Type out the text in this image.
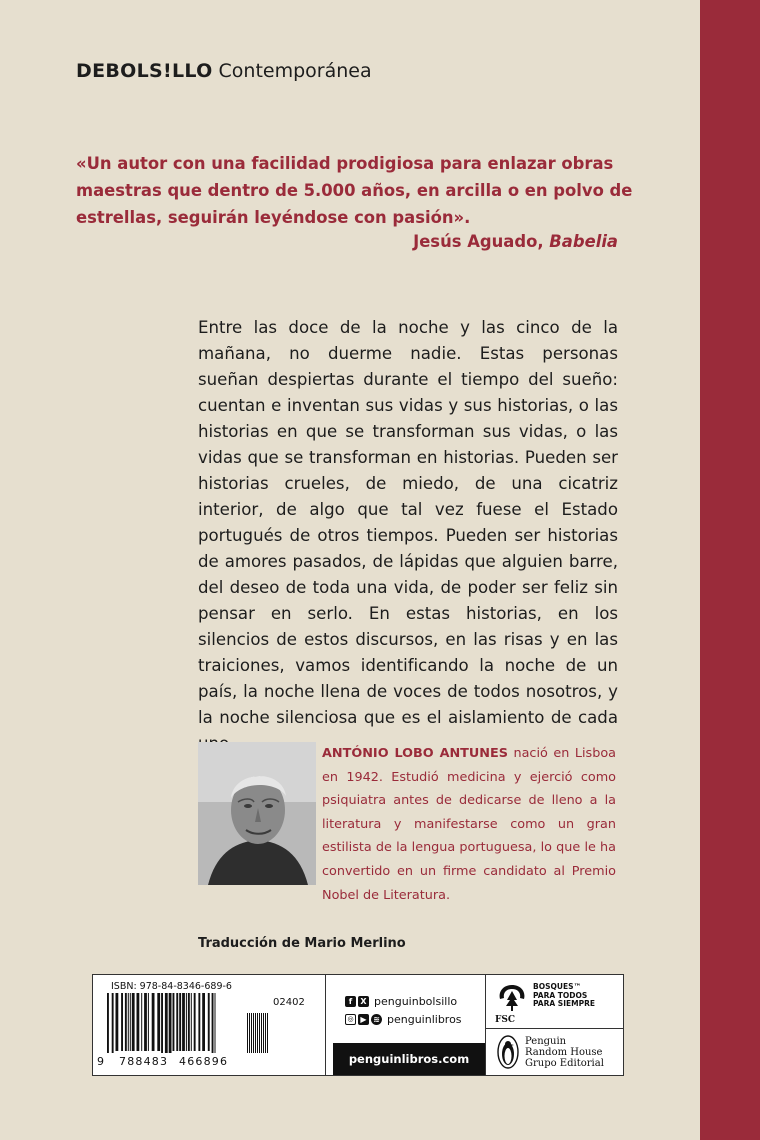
DEBOLS!LLO Contemporánea
«Un autor con una facilidad prodigiosa para enlazar obras maestras que dentro de 5.000 años, en arcilla o en polvo de estrellas, seguirán leyéndose con pasión».
Jesús Aguado, Babelia
Entre las doce de la noche y las cinco de la mañana, no duerme nadie. Estas personas sueñan despiertas durante el tiempo del sueño: cuentan e inventan sus vidas y sus historias, o las historias en que se transforman sus vidas, o las vidas que se transforman en historias. Pueden ser historias crueles, de miedo, de una cicatriz interior, de algo que tal vez fuese el Estado portugués de otros tiempos. Pueden ser historias de amores pasados, de lápidas que alguien barre, del deseo de toda una vida, de poder ser feliz sin pensar en serlo. En estas historias, en los silencios de estos discursos, en las risas y en las traiciones, vamos identificando la noche de un país, la noche llena de voces de todos nosotros, y la noche silenciosa que es el aislamiento de cada
ANTÓNIO LOBO ANTUNES nació en Lisboa en 1942. Estudió medicina y ejerció como psiquiatra antes de dedicarse de lleno a la literatura y manifestarse como un gran estilista de la lengua portuguesa, lo que le ha convertido en un firme candidato al Premio Nobel de Literatura.
Traducción de Mario Merlino
ISBN: 978-84-8346-689-6
02402
9 788483 466896
f	X penguinbolsillo
◎ ▶ ≋ penguinlibros
penguinlibros.com
FSC
BOSQUES™
PARA TODOS
PARA SIEMPRE
Penguin
Random House
Grupo Editorial
